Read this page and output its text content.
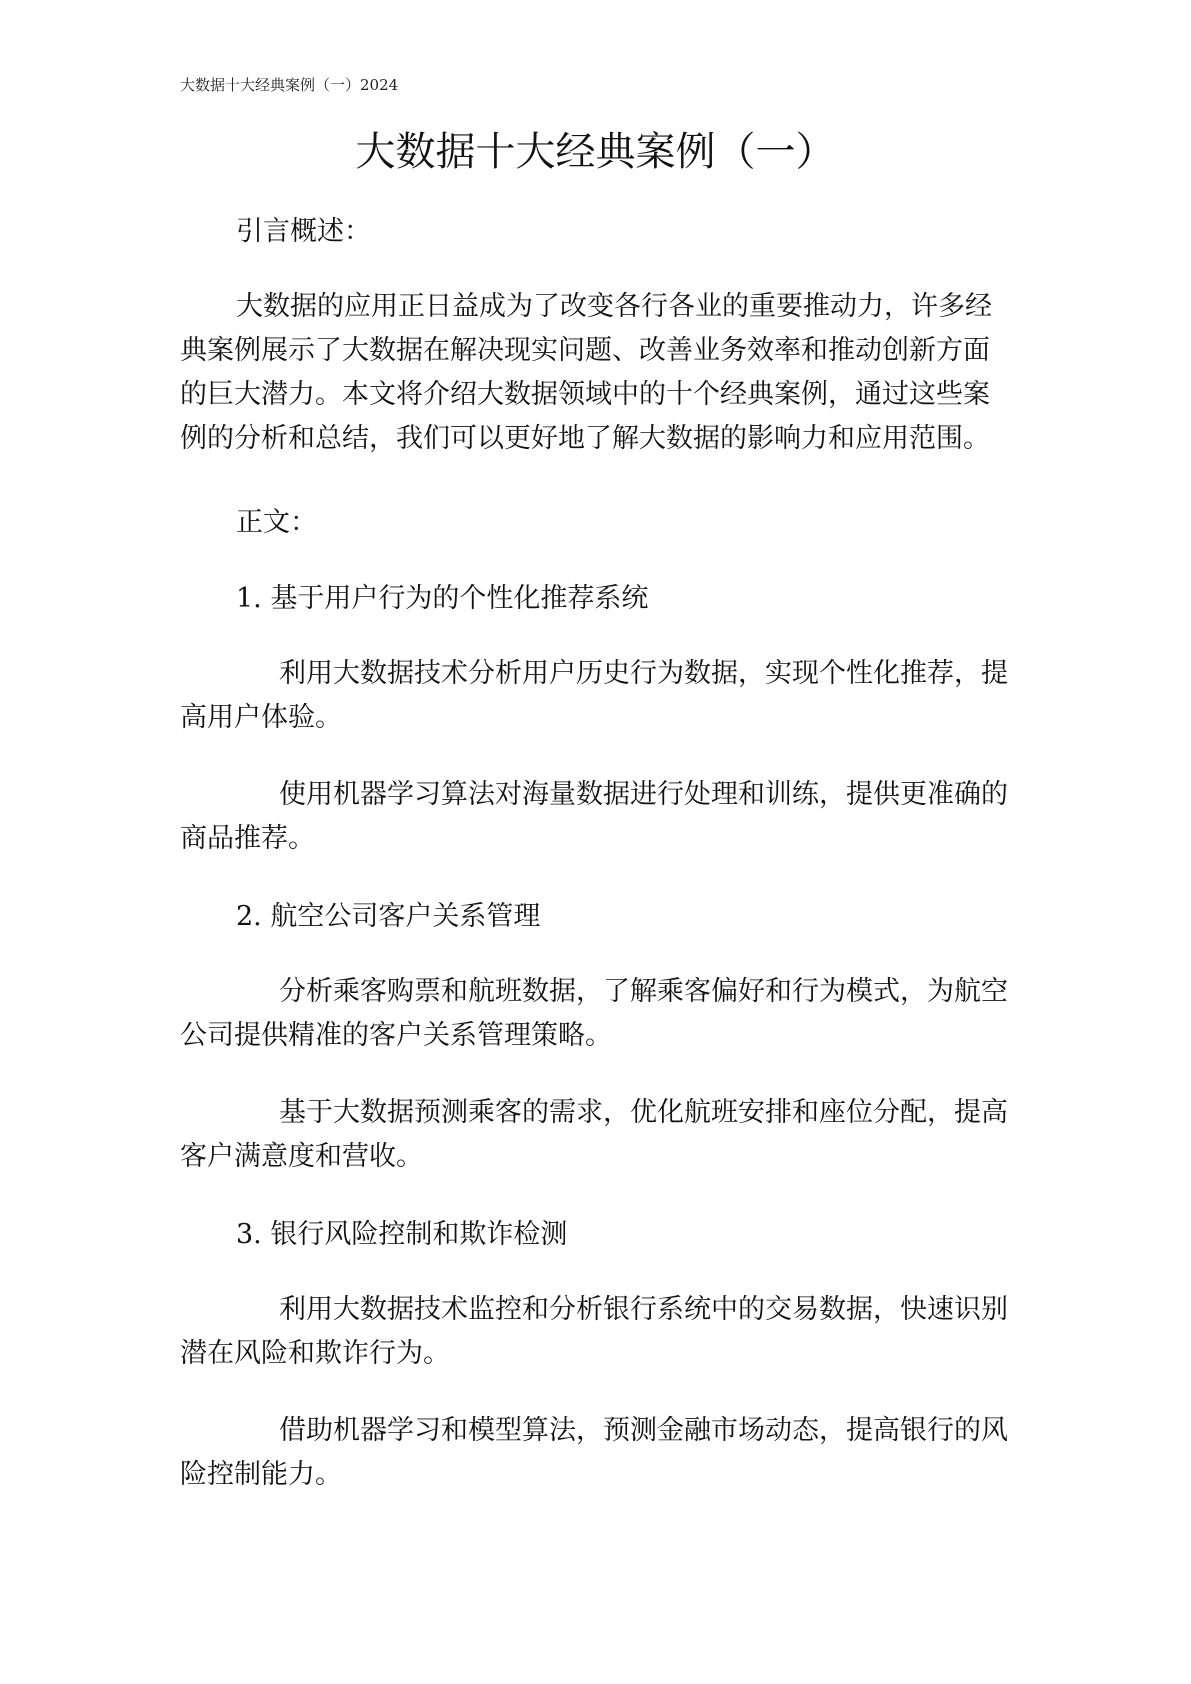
大数据十大经典案例（一）2024
大数据十大经典案例（一）

引言概述：

大数据的应用正日益成为了改变各行各业的重要推动力，许多经典案例展示了大数据在解决现实问题、改善业务效率和推动创新方面的巨大潜力。本文将介绍大数据领域中的十个经典案例，通过这些案例的分析和总结，我们可以更好地了解大数据的影响力和应用范围。

正文：

1. 基于用户行为的个性化推荐系统

利用大数据技术分析用户历史行为数据，实现个性化推荐，提高用户体验。

使用机器学习算法对海量数据进行处理和训练，提供更准确的商品推荐。

2. 航空公司客户关系管理

分析乘客购票和航班数据，了解乘客偏好和行为模式，为航空公司提供精准的客户关系管理策略。

基于大数据预测乘客的需求，优化航班安排和座位分配，提高客户满意度和营收。

3. 银行风险控制和欺诈检测

利用大数据技术监控和分析银行系统中的交易数据，快速识别潜在风险和欺诈行为。

借助机器学习和模型算法，预测金融市场动态，提高银行的风险控制能力。
